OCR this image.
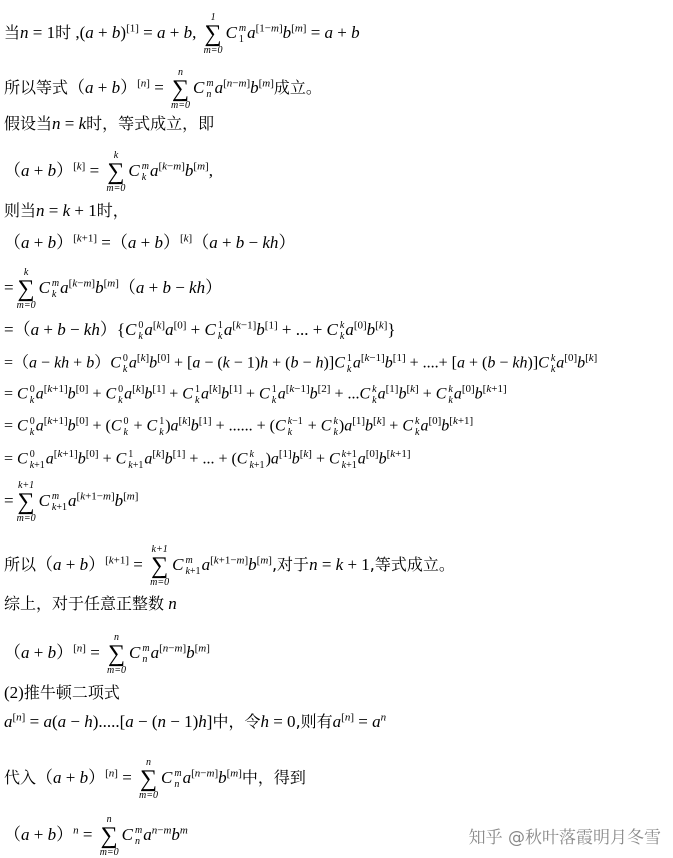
当n = 1时 ,(a + b)[1] = a + b,
1
∑
m=0
C m
1 a[1−m]b[m] = a + b
所以等式（a + b）[n] =
n
∑
m=0
C m
n a[n−m]b[m]成立。
假设当n = k时，等式成立，即
（a + b）[k] =
k
∑
m=0
C m
k a[k−m]b[m],
则当n = k + 1时，
（a + b）[k+1] =（a + b）[k]（a + b − kh）
=
k
∑
m=0
C m
k a[k−m]b[m]（a + b − kh）
=（a + b − kh）{C 0
k a[k]a[0] + C 1
k a[k−1]b[1] + ... + C k
k a[0]b[k]}
=（a − kh + b）C 0
k a[k]b[0] + [a − (k − 1)h + (b − h)]C 1
k a[k−1]b[1] + ....+ [a + (b − kh)]C k
k a[0]b[k]
= C 0
k a[k+1]b[0] + C 0
k a[k]b[1] + C 1
k a[k]b[1] + C 1
k a[k−1]b[2] + ...C k
k a[1]b[k] + C k
k a[0]b[k+1]
= C 0
k a[k+1]b[0] + (C 0
k + C 1
k )a[k]b[1] + ...... + (C k−1
k + C k
k )a[1]b[k] + C k
k a[0]b[k+1]
= C 0
k+1 a[k+1]b[0] + C 1
k+1 a[k]b[1] + ... + (C k
k+1 )a[1]b[k] + C k+1
k+1 a[0]b[k+1]
=
k+1
∑
m=0
C m
k+1 a[k+1−m]b[m]
所以（a + b）[k+1] =
k+1
∑
m=0
C m
k+1 a[k+1−m]b[m],对于n = k + 1,等式成立。
综上，对于任意正整数 n
（a + b）[n] =
n
∑
m=0
C m
n a[n−m]b[m]
(2)推牛顿二项式
a[n] = a(a − h).....[a − (n − 1)h]中，令h = 0,则有$a[n] = a^n$
代入（a + b）[n] =
n
∑
m=0
C m
n a[n−m]b[m]中，得到
$(a + b)^n$ =
n
∑
m=0
C m
n $a^{n-m}b^m$	知乎 @秋叶落霞明月冬雪
